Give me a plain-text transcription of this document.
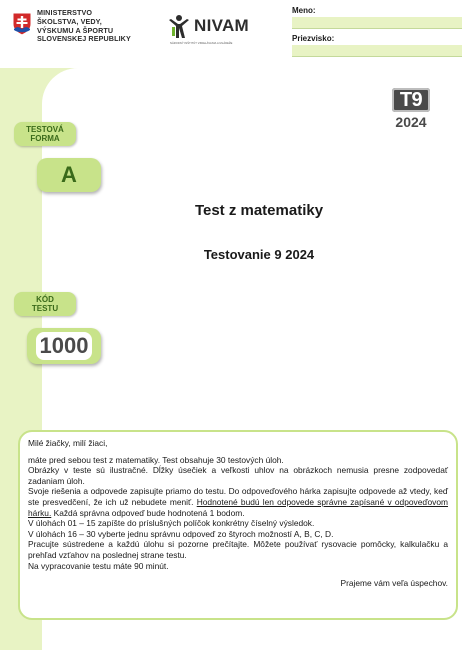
MINISTERSTVO
ŠKOLSTVA, VEDY,
VÝSKUMU A ŠPORTU
SLOVENSKEJ REPUBLIKY
NIVAM
NÁRODNÝ INŠTITÚT VZDELÁVANIA A MLÁDEŽE
Meno:
Priezvisko:
T9
2024
TESTOVÁ
FORMA
A
KÓD
TESTU
1000
Test z matematiky
Testovanie 9 2024

Milé žiačky, milí žiaci,

máte pred sebou test z matematiky. Test obsahuje 30 testových úloh.

Obrázky v teste sú ilustračné. Dĺžky úsečiek a veľkosti uhlov na obrázkoch nemusia presne zodpovedať zadaniam úloh.

Svoje riešenia a odpovede zapisujte priamo do testu. Do odpoveďového hárka zapisujte odpovede až vtedy, keď ste presvedčení, že ich už nebudete meniť. Hodnotené budú len odpovede správne zapísané v odpoveďovom hárku. Každá správna odpoveď bude hodnotená 1 bodom.

V úlohách 01 – 15 zapíšte do príslušných políčok konkrétny číselný výsledok.

V úlohách 16 – 30 vyberte jednu správnu odpoveď zo štyroch možností A, B, C, D.

Pracujte sústredene a každú úlohu si pozorne prečítajte. Môžete používať rysovacie pomôcky, kalkulačku a prehľad vzťahov na poslednej strane testu.

Na vypracovanie testu máte 90 minút.

Prajeme vám veľa úspechov.
